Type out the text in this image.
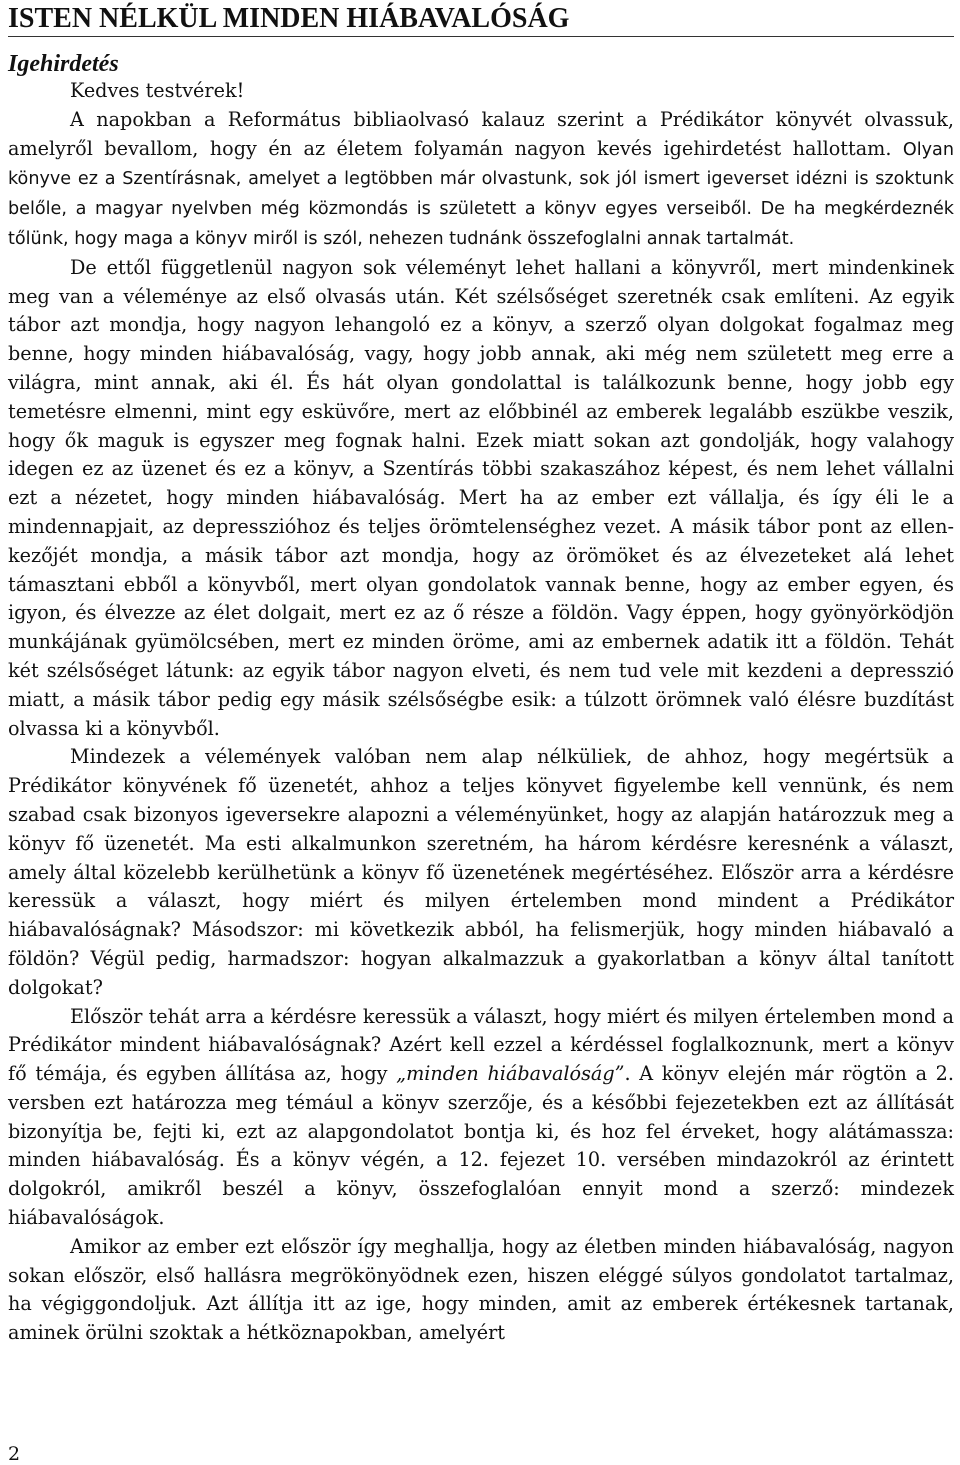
ISTEN NÉLKÜL MINDEN HIÁBAVALÓSÁG
Igehirdetés

Kedves testvérek!

A napokban a Református bibliaolvasó kalauz szerint a Prédikátor könyvét olvassuk, amelyről bevallom, hogy én az életem folyamán nagyon kevés igehirdetést hallottam. Olyan könyve ez a Szentírásnak, amelyet a legtöbben már olvastunk, sok jól ismert igeverset idézni is szoktunk belőle, a magyar nyelvben még közmondás is született a könyv egyes verseiből. De ha megkérdeznék tőlünk, hogy maga a könyv miről is szól, nehezen tudnánk összefoglalni annak tartalmát.

De ettől függetlenül nagyon sok véleményt lehet hallani a könyvről, mert mindenkinek meg van a véleménye az első olvasás után. Két szélsőséget szeretnék csak említeni. Az egyik tábor azt mondja, hogy nagyon lehangoló ez a könyv, a szerző olyan dolgokat fogalmaz meg benne, hogy minden hiábavalóság, vagy, hogy jobb annak, aki még nem született meg erre a világra, mint annak, aki él. És hát olyan gondolattal is találkozunk benne, hogy jobb egy temetésre elmenni, mint egy esküvőre, mert az előbbinél az emberek legalább eszükbe veszik, hogy ők maguk is egyszer meg fognak halni. Ezek miatt sokan azt gondolják, hogy valahogy idegen ez az üzenet és ez a könyv, a Szentírás többi szakaszához képest, és nem lehet vállalni ezt a nézetet, hogy minden hiábavalóság. Mert ha az ember ezt vállalja, és így éli le a mindennapjait, az depresszióhoz és teljes örömtelenséghez vezet. A másik tábor pont az ellenkezőjét mondja, a másik tábor azt mondja, hogy az örömöket és az élvezeteket alá lehet támasztani ebből a könyvből, mert olyan gondolatok vannak benne, hogy az ember egyen, és igyon, és élvezze az élet dolgait, mert ez az ő része a földön. Vagy éppen, hogy gyönyörködjön munkájának gyümölcsében, mert ez minden öröme, ami az embernek adatik itt a földön. Tehát két szélsőséget látunk: az egyik tábor nagyon elveti, és nem tud vele mit kezdeni a depresszió miatt, a másik tábor pedig egy másik szélsőségbe esik: a túlzott örömnek való élésre buzdítást olvassa ki a könyvből.

Mindezek a vélemények valóban nem alap nélküliek, de ahhoz, hogy megértsük a Prédikátor könyvének fő üzenetét, ahhoz a teljes könyvet figyelembe kell vennünk, és nem szabad csak bizonyos igeversekre alapozni a véleményünket, hogy az alapján határozzuk meg a könyv fő üzenetét. Ma esti alkalmunkon szeretném, ha három kérdésre keresnénk a választ, amely által közelebb kerülhetünk a könyv fő üzenetének megértéséhez. Először arra a kérdésre keressük a választ, hogy miért és milyen értelemben mond mindent a Prédikátor hiábavalóságnak? Másodszor: mi következik abból, ha felismerjük, hogy minden hiábavaló a földön? Végül pedig, harmadszor: hogyan alkalmazzuk a gyakorlatban a könyv által tanított dolgokat?

Először tehát arra a kérdésre keressük a választ, hogy miért és milyen értelemben mond a Prédikátor mindent hiábavalóságnak? Azért kell ezzel a kérdéssel foglalkoznunk, mert a könyv fő témája, és egyben állítása az, hogy „minden hiábavalóság”. A könyv elején már rögtön a 2. versben ezt határozza meg témául a könyv szerzője, és a későbbi fejezetekben ezt az állítását bizonyítja be, fejti ki, ezt az alapgondolatot bontja ki, és hoz fel érveket, hogy alátámassza: minden hiábavalóság. És a könyv végén, a 12. fejezet 10. versében mindazokról az érintett dolgokról, amikről beszél a könyv, összefoglalóan ennyit mond a szerző: mindezek hiábavalóságok.

Amikor az ember ezt először így meghallja, hogy az életben minden hiábavalóság, nagyon sokan először, első hallásra megrökönyödnek ezen, hiszen eléggé súlyos gondolatot tartalmaz, ha végiggondoljuk. Azt állítja itt az ige, hogy minden, amit az emberek értékesnek tartanak, aminek örülni szoktak a hétköznapokban, amelyért

2
